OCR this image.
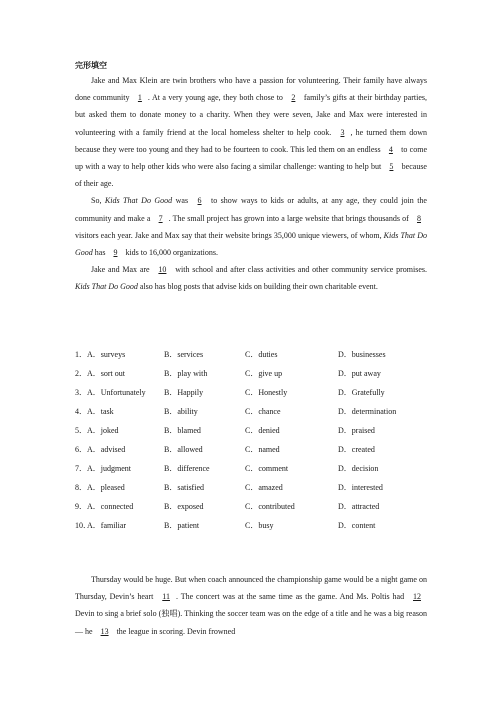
完形填空

Jake and Max Klein are twin brothers who have a passion for volunteering. Their family have always done community 1 . At a very young age, they both chose to 2 family’s gifts at their birthday parties, but asked them to donate money to a charity. When they were seven, Jake and Max were interested in volunteering with a family friend at the local homeless shelter to help cook. 3 , he turned them down because they were too young and they had to be fourteen to cook. This led them on an endless 4 to come up with a way to help other kids who were also facing a similar challenge: wanting to help but 5 because of their age.

So, Kids That Do Good was 6 to show ways to kids or adults, at any age, they could join the community and make a 7 . The small project has grown into a large website that brings thousands of 8 visitors each year. Jake and Max say that their website brings 35,000 unique viewers, of whom, Kids That Do Good has 9 kids to 16,000 organizations.

Jake and Max are 10 with school and after class activities and other community service promises. Kids That Do Good also has blog posts that advise kids on building their own charitable event.

1． A．surveys	B．services	C．duties	D．businesses
2． A．sort out	B．play with	C．give up	D．put away
3． A．Unfortunately B．Happily	C．Honestly	D．Gratefully
4． A．task	B．ability	C．chance	D．determination
5． A．joked	B．blamed	C．denied	D．praised
6． A．advised	B．allowed	C．named	D．created
7． A．judgment	B．difference	C．comment	D．decision
8． A．pleased	B．satisfied	C．amazed	D．interested
9． A．connected	B．exposed	C．contributed	D．attracted
10．
A．familiar	B．patient	C．busy	D．content

Thursday would be huge. But when coach announced the championship game would be a night game on Thursday, Devin’s heart 11 . The concert was at the same time as the game. And Ms. Poltis had 12 Devin to sing a brief solo (独唱). Thinking the soccer team was on the edge of a title and he was a big reason — he 13 the league in scoring. Devin frowned
